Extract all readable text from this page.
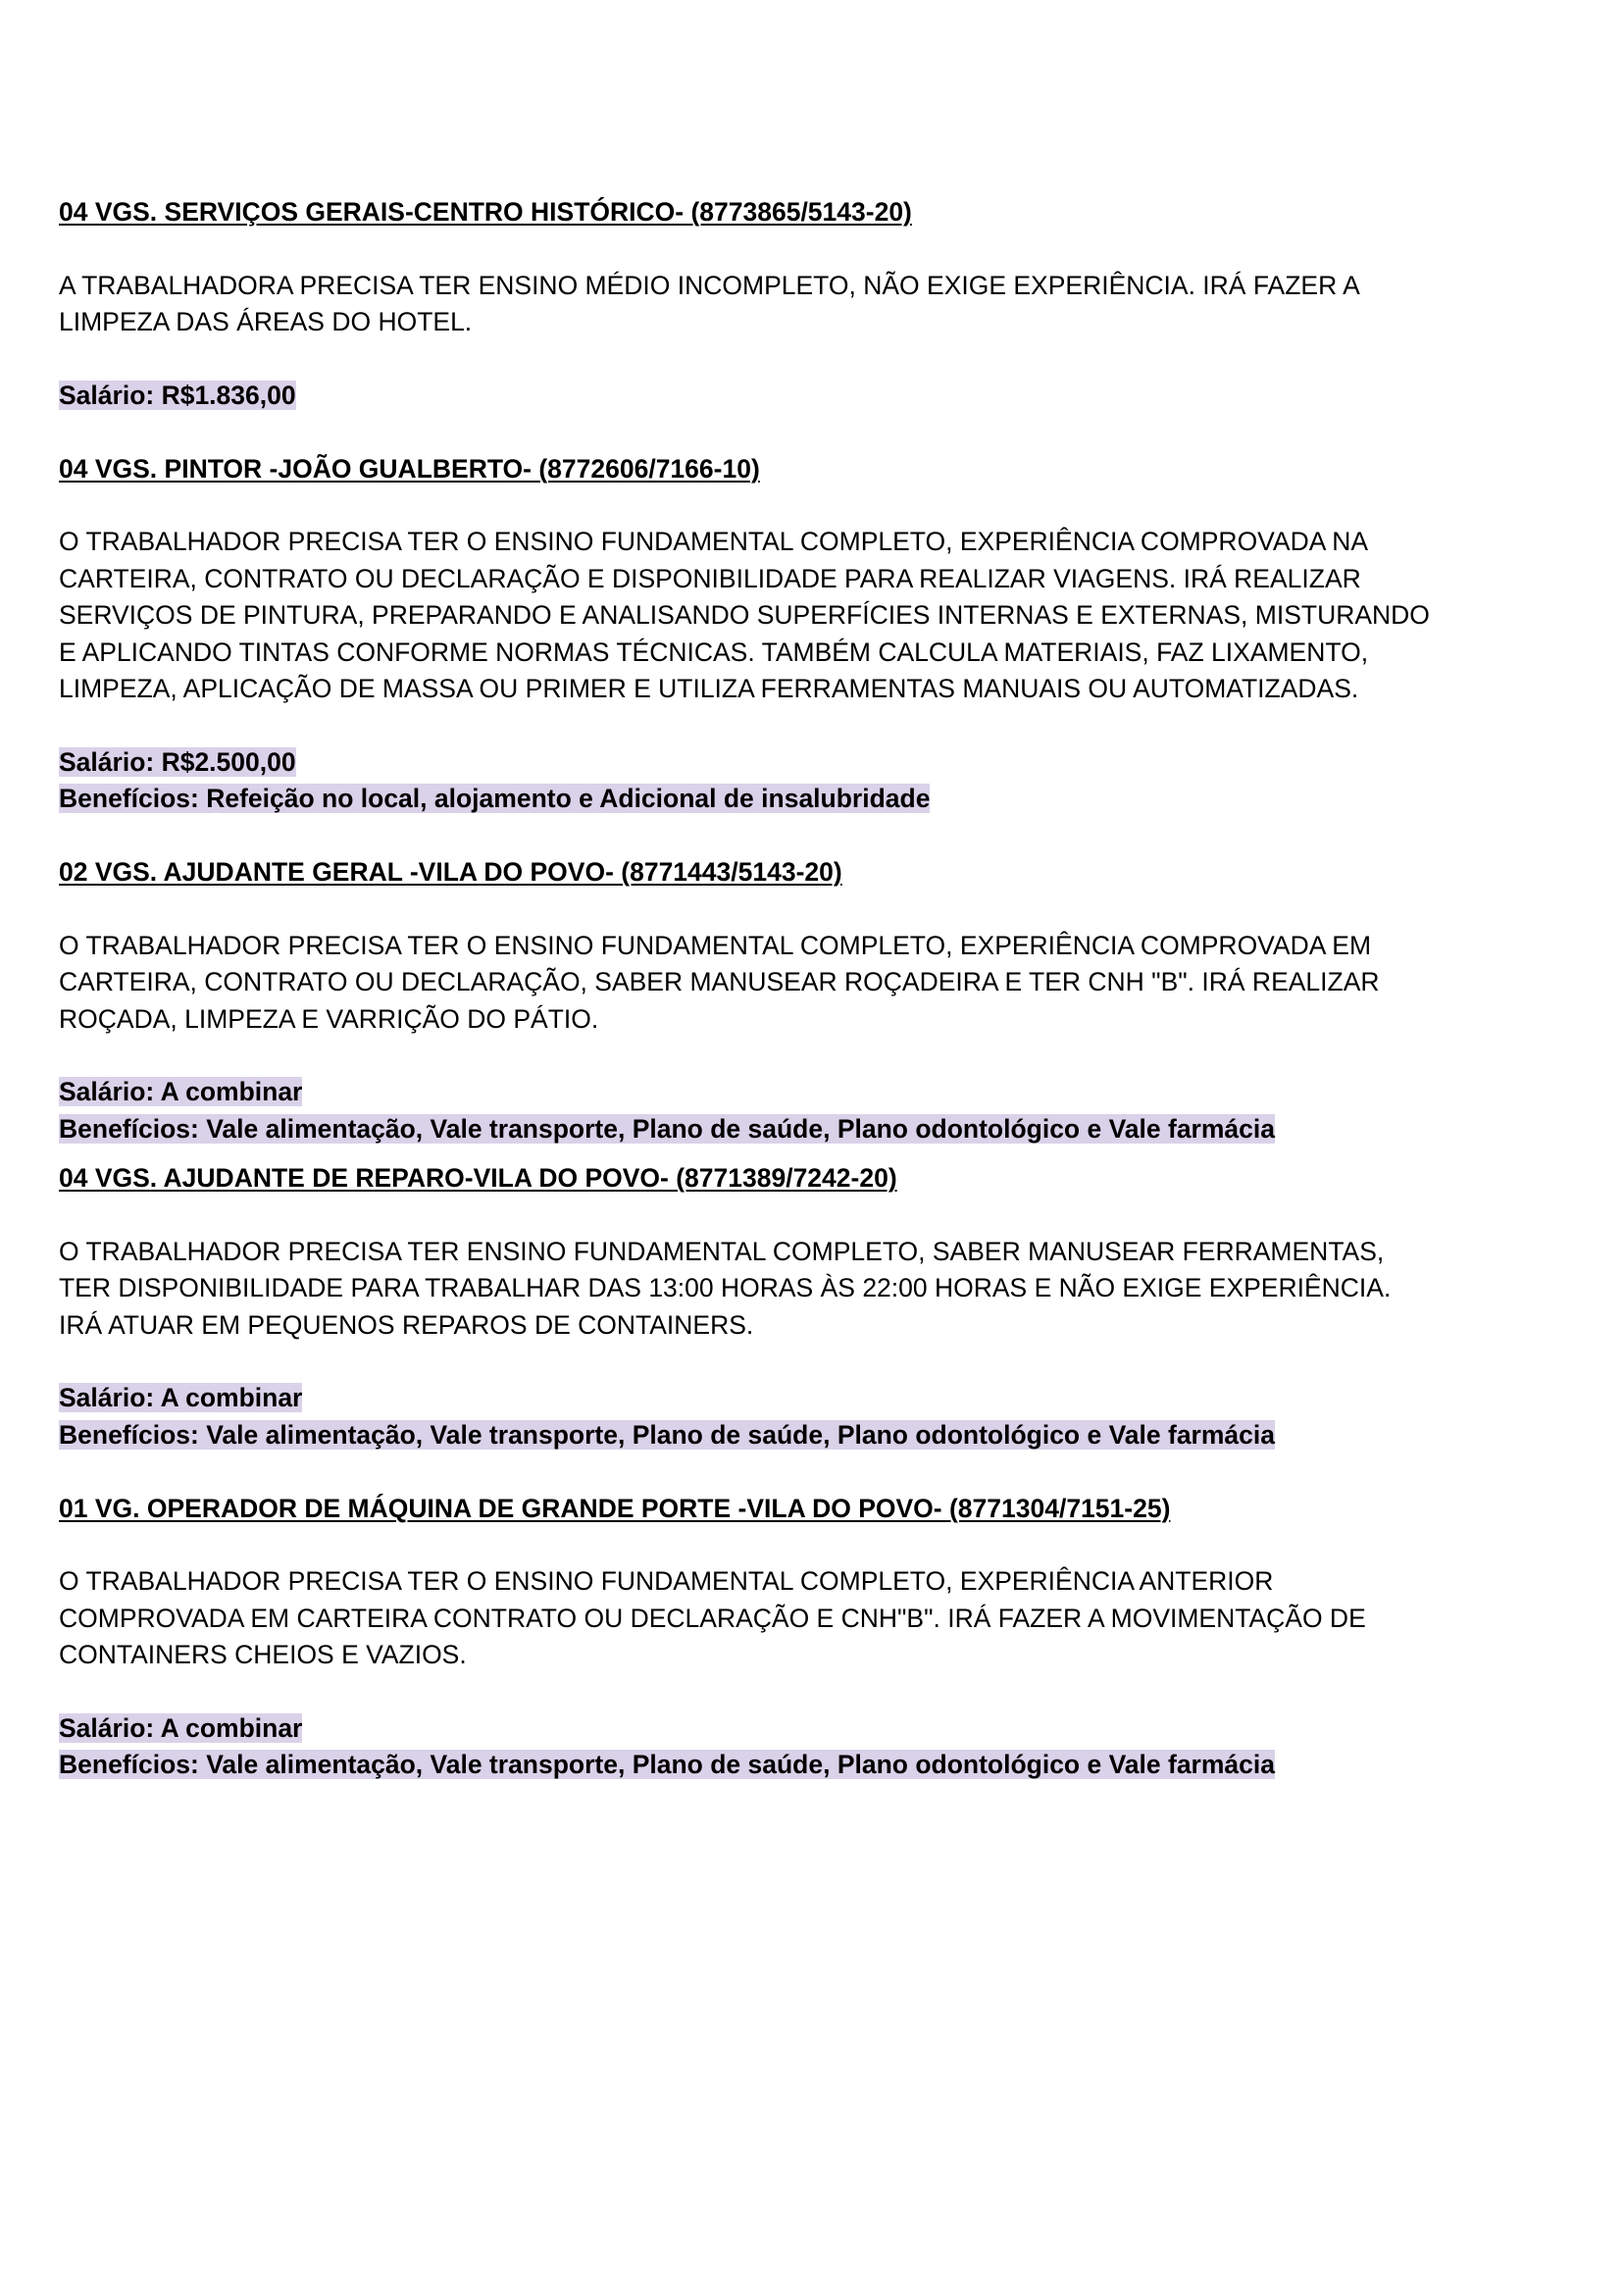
04 VGS. SERVIÇOS GERAIS-CENTRO HISTÓRICO- (8773865/5143-20)
A TRABALHADORA PRECISA TER ENSINO MÉDIO INCOMPLETO, NÃO EXIGE EXPERIÊNCIA. IRÁ FAZER A
LIMPEZA DAS ÁREAS DO HOTEL.
Salário: R$1.836,00
04 VGS. PINTOR -JOÃO GUALBERTO- (8772606/7166-10)
O TRABALHADOR PRECISA TER O ENSINO FUNDAMENTAL COMPLETO, EXPERIÊNCIA COMPROVADA NA
CARTEIRA, CONTRATO OU DECLARAÇÃO E DISPONIBILIDADE PARA REALIZAR VIAGENS. IRÁ REALIZAR
SERVIÇOS DE PINTURA, PREPARANDO E ANALISANDO SUPERFÍCIES INTERNAS E EXTERNAS, MISTURANDO
E APLICANDO TINTAS CONFORME NORMAS TÉCNICAS. TAMBÉM CALCULA MATERIAIS, FAZ LIXAMENTO,
LIMPEZA, APLICAÇÃO DE MASSA OU PRIMER E UTILIZA FERRAMENTAS MANUAIS OU AUTOMATIZADAS.
Salário: R$2.500,00
Benefícios: Refeição no local, alojamento e Adicional de insalubridade
02 VGS. AJUDANTE GERAL -VILA DO POVO- (8771443/5143-20)
O TRABALHADOR PRECISA TER O ENSINO FUNDAMENTAL COMPLETO, EXPERIÊNCIA COMPROVADA EM
CARTEIRA, CONTRATO OU DECLARAÇÃO, SABER MANUSEAR ROÇADEIRA E TER CNH "B". IRÁ REALIZAR
ROÇADA, LIMPEZA E VARRIÇÃO DO PÁTIO.
Salário: A combinar
Benefícios: Vale alimentação, Vale transporte, Plano de saúde, Plano odontológico e Vale farmácia
04 VGS. AJUDANTE DE REPARO-VILA DO POVO- (8771389/7242-20)
O TRABALHADOR PRECISA TER ENSINO FUNDAMENTAL COMPLETO, SABER MANUSEAR FERRAMENTAS,
TER DISPONIBILIDADE PARA TRABALHAR DAS 13:00 HORAS ÀS 22:00 HORAS E NÃO EXIGE EXPERIÊNCIA.
IRÁ ATUAR EM PEQUENOS REPAROS DE CONTAINERS.
Salário: A combinar
Benefícios: Vale alimentação, Vale transporte, Plano de saúde, Plano odontológico e Vale farmácia
01 VG. OPERADOR DE MÁQUINA DE GRANDE PORTE -VILA DO POVO- (8771304/7151-25)
O TRABALHADOR PRECISA TER O ENSINO FUNDAMENTAL COMPLETO, EXPERIÊNCIA ANTERIOR
COMPROVADA EM CARTEIRA CONTRATO OU DECLARAÇÃO E CNH"B". IRÁ FAZER A MOVIMENTAÇÃO DE
CONTAINERS CHEIOS E VAZIOS.
Salário: A combinar
Benefícios: Vale alimentação, Vale transporte, Plano de saúde, Plano odontológico e Vale farmácia
